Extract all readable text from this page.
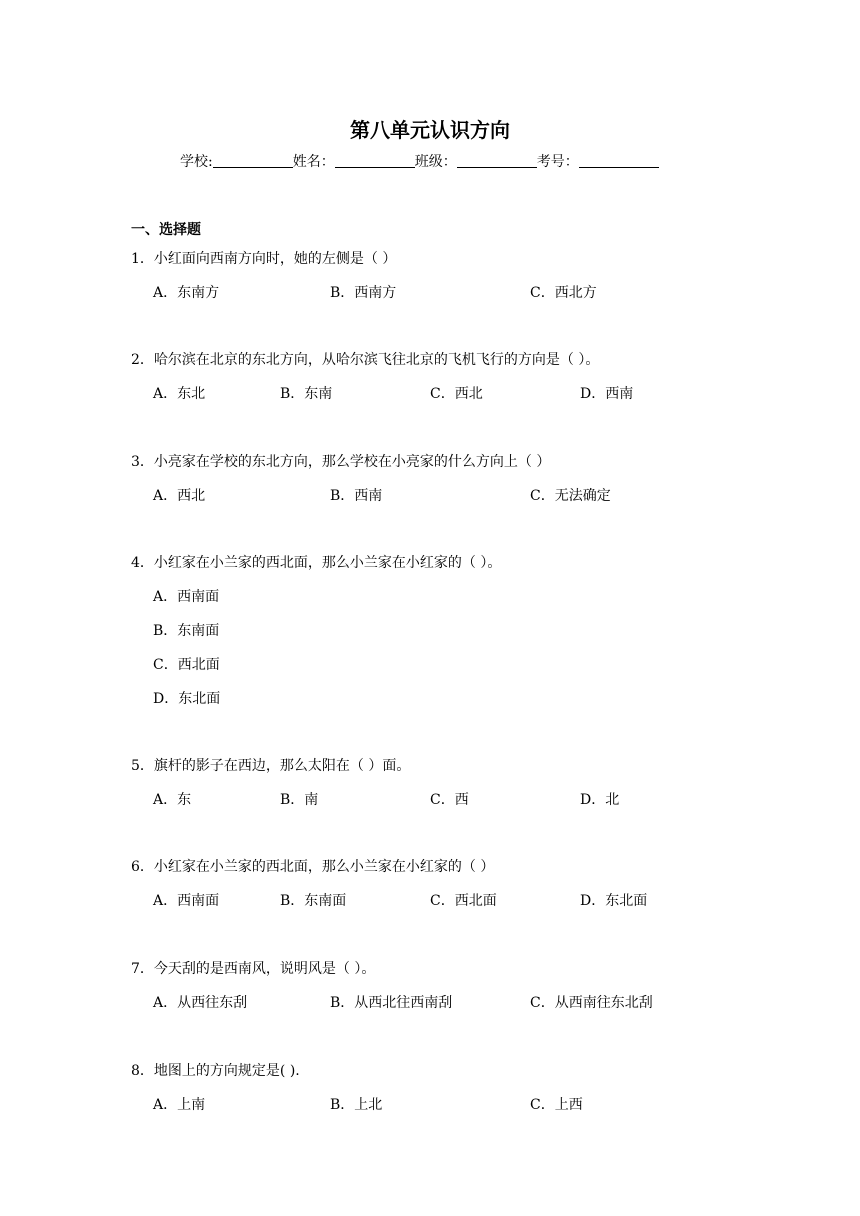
第八单元认识方向
学校:	姓名：	班级：	考号：
一、选择题
1．小红面向西南方向时，她的左侧是（ ）
A．东南方	B．西南方	C．西北方
2．哈尔滨在北京的东北方向，从哈尔滨飞往北京的飞机飞行的方向是（ ）。
A．东北	B．东南	C．西北	D．西南
3．小亮家在学校的东北方向，那么学校在小亮家的什么方向上（ ）
A．西北	B．西南	C．无法确定
4．小红家在小兰家的西北面，那么小兰家在小红家的（ ）。
A．西南面
B．东南面
C．西北面
D．东北面
5．旗杆的影子在西边，那么太阳在（ ）面。
A．东	B．南	C．西	D．北
6．小红家在小兰家的西北面，那么小兰家在小红家的（ ）
A．西南面	B．东南面	C．西北面	D．东北面
7．今天刮的是西南风，说明风是（ ）。
A．从西往东刮	B．从西北往西南刮	C．从西南往东北刮
8．地图上的方向规定是( ).
A．上南	B．上北	C．上西
